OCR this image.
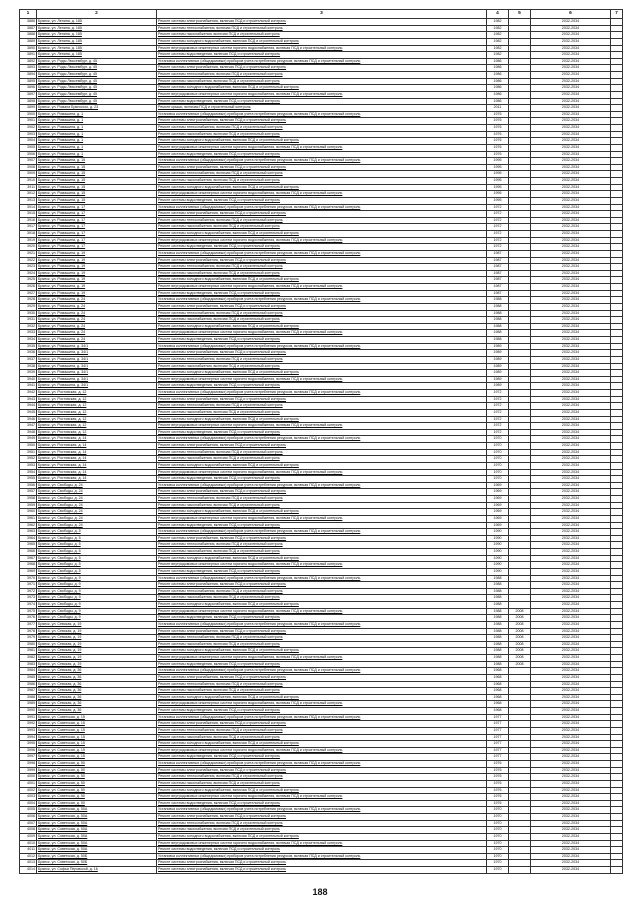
1	2	3	4	5	6	7
3886	Брянск, ул. Ленина, д. 185	Ремонт системы электроснабжения, включая ПСД и строительный контроль	1982		2032-2034	
3887	Брянск, ул. Ленина, д. 185	Ремонт системы теплоснабжения, включая ПСД и строительный контроль	1982		2032-2034	
3888	Брянск, ул. Ленина, д. 185	Ремонт системы газоснабжения, включая ПСД и строительный контроль	1982		2032-2034	
3889	Брянск, ул. Ленина, д. 185	Ремонт системы холодного водоснабжения, включая ПСД и строительный контроль	1982		2032-2034	
3890	Брянск, ул. Ленина, д. 185	Ремонт внутридомовых инженерных систем горячего водоснабжения, включая ПСД и строительный контроль	1982		2032-2034	
3891	Брянск, ул. Ленина, д. 185	Ремонт системы водоотведения, включая ПСД и строительный контроль	1982		2032-2034	
3892	Брянск, ул. Pоды Люксембург, д. 45	Установка коллективных (общедомовых) приборов учета потребления ресурсов, включая ПСД и строительный контроль	1986		2032-2034	
3893	Брянск, ул. Pоды Люксембург, д. 45	Ремонт системы электроснабжения, включая ПСД и строительный контроль	1986		2032-2034	
3894	Брянск, ул. Pоды Люксембург, д. 45	Ремонт системы теплоснабжения, включая ПСД и строительный контроль	1986		2032-2034	
3895	Брянск, ул. Pоды Люксембург, д. 45	Ремонт системы газоснабжения, включая ПСД и строительный контроль	1986		2032-2034	
3896	Брянск, ул. Pоды Люксембург, д. 45	Ремонт системы холодного водоснабжения, включая ПСД и строительный контроль	1986		2032-2034	
3897	Брянск, ул. Pоды Люксембург, д. 45	Ремонт внутридомовых инженерных систем горячего водоснабжения, включая ПСД и строительный контроль	1986		2032-2034	
3898	Брянск, ул. Pоды Люксембург, д. 45	Ремонт системы водоотведения, включая ПСД и строительный контроль	1986		2032-2034	
3899	Брянск, ул. Романа Брянского, д. 23	Ремонт крыши, включая ПСД и строительный контроль	2011		2032-2034	
3900	Брянск, ул. Ромашина, д. 1	Установка коллективных (общедомовых) приборов учета потребления ресурсов, включая ПСД и строительный контроль	1976		2032-2034	
3901	Брянск, ул. Ромашина, д. 1	Ремонт системы электроснабжения, включая ПСД и строительный контроль	1976		2032-2034	
3902	Брянск, ул. Ромашина, д. 1	Ремонт системы теплоснабжения, включая ПСД и строительный контроль	1976		2032-2034	
3903	Брянск, ул. Ромашина, д. 1	Ремонт системы газоснабжения, включая ПСД и строительный контроль	1976		2032-2034	
3904	Брянск, ул. Ромашина, д. 1	Ремонт системы холодного водоснабжения, включая ПСД и строительный контроль	1976		2032-2034	
3905	Брянск, ул. Ромашина, д. 1	Ремонт внутридомовых инженерных систем горячего водоснабжения, включая ПСД и строительный контроль	1976		2032-2034	
3906	Брянск, ул. Ромашина, д. 1	Ремонт системы водоотведения, включая ПСД и строительный контроль	1976		2032-2034	
3907	Брянск, ул. Ромашина, д. 15	Установка коллективных (общедомовых) приборов учета потребления ресурсов, включая ПСД и строительный контроль	1995		2032-2034	
3908	Брянск, ул. Ромашина, д. 15	Ремонт системы электроснабжения, включая ПСД и строительный контроль	1995		2032-2034	
3909	Брянск, ул. Ромашина, д. 15	Ремонт системы теплоснабжения, включая ПСД и строительный контроль	1995		2032-2034	
3910	Брянск, ул. Ромашина, д. 15	Ремонт системы газоснабжения, включая ПСД и строительный контроль	1995		2032-2034	
3911	Брянск, ул. Ромашина, д. 15	Ремонт системы холодного водоснабжения, включая ПСД и строительный контроль	1995		2032-2034	
3912	Брянск, ул. Ромашина, д. 15	Ремонт внутридомовых инженерных систем горячего водоснабжения, включая ПСД и строительный контроль	1995		2032-2034	
3913	Брянск, ул. Ромашина, д. 15	Ремонт системы водоотведения, включая ПСД и строительный контроль	1995		2032-2034	
3914	Брянск, ул. Ромашина, д. 17	Установка коллективных (общедомовых) приборов учета потребления ресурсов, включая ПСД и строительный контроль	1972		2032-2034	
3915	Брянск, ул. Ромашина, д. 17	Ремонт системы электроснабжения, включая ПСД и строительный контроль	1972		2032-2034	
3916	Брянск, ул. Ромашина, д. 17	Ремонт системы теплоснабжения, включая ПСД и строительный контроль	1972		2032-2034	
3917	Брянск, ул. Ромашина, д. 17	Ремонт системы газоснабжения, включая ПСД и строительный контроль	1972		2032-2034	
3918	Брянск, ул. Ромашина, д. 17	Ремонт системы холодного водоснабжения, включая ПСД и строительный контроль	1972		2032-2034	
3919	Брянск, ул. Ромашина, д. 17	Ремонт внутридомовых инженерных систем горячего водоснабжения, включая ПСД и строительный контроль	1972		2032-2034	
3920	Брянск, ул. Ромашина, д. 17	Ремонт системы водоотведения, включая ПСД и строительный контроль	1972		2032-2034	
3921	Брянск, ул. Ромашина, д. 19	Установка коллективных (общедомовых) приборов учета потребления ресурсов, включая ПСД и строительный контроль	1987		2032-2034	
3922	Брянск, ул. Ромашина, д. 19	Ремонт системы электроснабжения, включая ПСД и строительный контроль	1987		2032-2034	
3923	Брянск, ул. Ромашина, д. 19	Ремонт системы теплоснабжения, включая ПСД и строительный контроль	1987		2032-2034	
3924	Брянск, ул. Ромашина, д. 19	Ремонт системы газоснабжения, включая ПСД и строительный контроль	1987		2032-2034	
3925	Брянск, ул. Ромашина, д. 19	Ремонт системы холодного водоснабжения, включая ПСД и строительный контроль	1987		2032-2034	
3926	Брянск, ул. Ромашина, д. 19	Ремонт внутридомовых инженерных систем горячего водоснабжения, включая ПСД и строительный контроль	1987		2032-2034	
3927	Брянск, ул. Ромашина, д. 19	Ремонт системы водоотведения, включая ПСД и строительный контроль	1987		2032-2034	
3928	Брянск, ул. Ромашина, д. 24	Установка коллективных (общедомовых) приборов учета потребления ресурсов, включая ПСД и строительный контроль	1988		2032-2034	
3929	Брянск, ул. Ромашина, д. 24	Ремонт системы электроснабжения, включая ПСД и строительный контроль	1988		2032-2034	
3930	Брянск, ул. Ромашина, д. 24	Ремонт системы теплоснабжения, включая ПСД и строительный контроль	1988		2032-2034	
3931	Брянск, ул. Ромашина, д. 24	Ремонт системы газоснабжения, включая ПСД и строительный контроль	1988		2032-2034	
3932	Брянск, ул. Ромашина, д. 24	Ремонт системы холодного водоснабжения, включая ПСД и строительный контроль	1988		2032-2034	
3933	Брянск, ул. Ромашина, д. 24	Ремонт внутридомовых инженерных систем горячего водоснабжения, включая ПСД и строительный контроль	1988		2032-2034	
3934	Брянск, ул. Ромашина, д. 24	Ремонт системы водоотведения, включая ПСД и строительный контроль	1988		2032-2034	
3935	Брянск, ул. Ромашина, д. 34/1	Установка коллективных (общедомовых) приборов учета потребления ресурсов, включая ПСД и строительный контроль	1989		2032-2034	
3936	Брянск, ул. Ромашина, д. 34/1	Ремонт системы электроснабжения, включая ПСД и строительный контроль	1989		2032-2034	
3937	Брянск, ул. Ромашина, д. 34/1	Ремонт системы теплоснабжения, включая ПСД и строительный контроль	1989		2032-2034	
3938	Брянск, ул. Ромашина, д. 34/1	Ремонт системы газоснабжения, включая ПСД и строительный контроль	1989		2032-2034	
3939	Брянск, ул. Ромашина, д. 34/1	Ремонт системы холодного водоснабжения, включая ПСД и строительный контроль	1989		2032-2034	
3940	Брянск, ул. Ромашина, д. 34/1	Ремонт внутридомовых инженерных систем горячего водоснабжения, включая ПСД и строительный контроль	1989		2032-2034	
3941	Брянск, ул. Ромашина, д. 34/1	Ремонт системы водоотведения, включая ПСД и строительный контроль	1989		2032-2034	
3942	Брянск, ул. Ростовская, д. 12	Установка коллективных (общедомовых) приборов учета потребления ресурсов, включая ПСД и строительный контроль	1972		2032-2034	
3943	Брянск, ул. Ростовская, д. 12	Ремонт системы электроснабжения, включая ПСД и строительный контроль	1972		2032-2034	
3944	Брянск, ул. Ростовская, д. 12	Ремонт системы теплоснабжения, включая ПСД и строительный контроль	1972		2032-2034	
3945	Брянск, ул. Ростовская, д. 12	Ремонт системы газоснабжения, включая ПСД и строительный контроль	1972		2032-2034	
3946	Брянск, ул. Ростовская, д. 12	Ремонт системы холодного водоснабжения, включая ПСД и строительный контроль	1972		2032-2034	
3947	Брянск, ул. Ростовская, д. 12	Ремонт внутридомовых инженерных систем горячего водоснабжения, включая ПСД и строительный контроль	1972		2032-2034	
3948	Брянск, ул. Ростовская, д. 12	Ремонт системы водоотведения, включая ПСД и строительный контроль	1972		2032-2034	
3949	Брянск, ул. Ростовская, д. 14	Установка коллективных (общедомовых) приборов учета потребления ресурсов, включая ПСД и строительный контроль	1970		2032-2034	
3950	Брянск, ул. Ростовская, д. 14	Ремонт системы электроснабжения, включая ПСД и строительный контроль	1970		2032-2034	
3951	Брянск, ул. Ростовская, д. 14	Ремонт системы теплоснабжения, включая ПСД и строительный контроль	1970		2032-2034	
3952	Брянск, ул. Ростовская, д. 14	Ремонт системы газоснабжения, включая ПСД и строительный контроль	1970		2032-2034	
3953	Брянск, ул. Ростовская, д. 14	Ремонт системы холодного водоснабжения, включая ПСД и строительный контроль	1970		2032-2034	
3954	Брянск, ул. Ростовская, д. 14	Ремонт внутридомовых инженерных систем горячего водоснабжения, включая ПСД и строительный контроль	1970		2032-2034	
3955	Брянск, ул. Ростовская, д. 14	Ремонт системы водоотведения, включая ПСД и строительный контроль	1970		2032-2034	
3956	Брянск, ул. Свободы, д. 24	Установка коллективных (общедомовых) приборов учета потребления ресурсов, включая ПСД и строительный контроль	1969		2032-2034	
3957	Брянск, ул. Свободы, д. 24	Ремонт системы электроснабжения, включая ПСД и строительный контроль	1969		2032-2034	
3958	Брянск, ул. Свободы, д. 24	Ремонт системы теплоснабжения, включая ПСД и строительный контроль	1969		2032-2034	
3959	Брянск, ул. Свободы, д. 24	Ремонт системы газоснабжения, включая ПСД и строительный контроль	1969		2032-2034	
3960	Брянск, ул. Свободы, д. 24	Ремонт системы холодного водоснабжения, включая ПСД и строительный контроль	1969		2032-2034	
3961	Брянск, ул. Свободы, д. 24	Ремонт внутридомовых инженерных систем горячего водоснабжения, включая ПСД и строительный контроль	1969		2032-2034	
3962	Брянск, ул. Свободы, д. 24	Ремонт системы водоотведения, включая ПСД и строительный контроль	1969		2032-2034	
3963	Брянск, ул. Свободы, д. 5	Установка коллективных (общедомовых) приборов учета потребления ресурсов, включая ПСД и строительный контроль	1990		2032-2034	
3964	Брянск, ул. Свободы, д. 5	Ремонт системы электроснабжения, включая ПСД и строительный контроль	1990		2032-2034	
3965	Брянск, ул. Свободы, д. 5	Ремонт системы теплоснабжения, включая ПСД и строительный контроль	1990		2032-2034	
3966	Брянск, ул. Свободы, д. 5	Ремонт системы газоснабжения, включая ПСД и строительный контроль	1990		2032-2034	
3967	Брянск, ул. Свободы, д. 5	Ремонт системы холодного водоснабжения, включая ПСД и строительный контроль	1990		2032-2034	
3968	Брянск, ул. Свободы, д. 5	Ремонт внутридомовых инженерных систем горячего водоснабжения, включая ПСД и строительный контроль	1990		2032-2034	
3969	Брянск, ул. Свободы, д. 5	Ремонт системы водоотведения, включая ПСД и строительный контроль	1990		2032-2034	
3970	Брянск, ул. Свободы, д. 9	Установка коллективных (общедомовых) приборов учета потребления ресурсов, включая ПСД и строительный контроль	1988		2032-2034	
3971	Брянск, ул. Свободы, д. 9	Ремонт системы электроснабжения, включая ПСД и строительный контроль	1988		2032-2034	
3972	Брянск, ул. Свободы, д. 9	Ремонт системы теплоснабжения, включая ПСД и строительный контроль	1988		2032-2034	
3973	Брянск, ул. Свободы, д. 9	Ремонт системы газоснабжения, включая ПСД и строительный контроль	1988		2032-2034	
3974	Брянск, ул. Свободы, д. 9	Ремонт системы холодного водоснабжения, включая ПСД и строительный контроль	1988		2032-2034	
3975	Брянск, ул. Свободы, д. 9	Ремонт внутридомовых инженерных систем горячего водоснабжения, включая ПСД и строительный контроль	1988	2008	2032-2034	
3976	Брянск, ул. Свободы, д. 9	Ремонт системы водоотведения, включая ПСД и строительный контроль	1988	2008	2032-2034	
3977	Брянск, ул. Севская, д. 19	Установка коллективных (общедомовых) приборов учета потребления ресурсов, включая ПСД и строительный контроль	1988	2008	2032-2034	
3978	Брянск, ул. Севская, д. 19	Ремонт системы электроснабжения, включая ПСД и строительный контроль	1988	2008	2032-2034	
3979	Брянск, ул. Севская, д. 19	Ремонт системы теплоснабжения, включая ПСД и строительный контроль	1988	2008	2032-2034	
3980	Брянск, ул. Севская, д. 19	Ремонт системы газоснабжения, включая ПСД и строительный контроль	1988	2008	2032-2034	
3981	Брянск, ул. Севская, д. 19	Ремонт системы холодного водоснабжения, включая ПСД и строительный контроль	1988	2008	2032-2034	
3982	Брянск, ул. Севская, д. 19	Ремонт внутридомовых инженерных систем горячего водоснабжения, включая ПСД и строительный контроль	1988	2008	2032-2034	
3983	Брянск, ул. Севская, д. 19	Ремонт системы водоотведения, включая ПСД и строительный контроль	1988	2008	2032-2034	
3984	Брянск, ул. Севская, д. 36	Установка коллективных (общедомовых) приборов учета потребления ресурсов, включая ПСД и строительный контроль	1968		2032-2034	
3985	Брянск, ул. Севская, д. 36	Ремонт системы электроснабжения, включая ПСД и строительный контроль	1968		2032-2034	
3986	Брянск, ул. Севская, д. 36	Ремонт системы теплоснабжения, включая ПСД и строительный контроль	1968		2032-2034	
3987	Брянск, ул. Севская, д. 36	Ремонт системы газоснабжения, включая ПСД и строительный контроль	1968		2032-2034	
3988	Брянск, ул. Севская, д. 36	Ремонт системы холодного водоснабжения, включая ПСД и строительный контроль	1968		2032-2034	
3989	Брянск, ул. Севская, д. 36	Ремонт внутридомовых инженерных систем горячего водоснабжения, включая ПСД и строительный контроль	1968		2032-2034	
3990	Брянск, ул. Севская, д. 36	Ремонт системы водоотведения, включая ПСД и строительный контроль	1968		2032-2034	
3991	Брянск, ул. Советская, д. 15	Установка коллективных (общедомовых) приборов учета потребления ресурсов, включая ПСД и строительный контроль	1977		2032-2034	
3992	Брянск, ул. Советская, д. 15	Ремонт системы электроснабжения, включая ПСД и строительный контроль	1977		2032-2034	
3993	Брянск, ул. Советская, д. 15	Ремонт системы теплоснабжения, включая ПСД и строительный контроль	1977		2032-2034	
3994	Брянск, ул. Советская, д. 15	Ремонт системы газоснабжения, включая ПСД и строительный контроль	1977		2032-2034	
3995	Брянск, ул. Советская, д. 15	Ремонт системы холодного водоснабжения, включая ПСД и строительный контроль	1977		2032-2034	
3996	Брянск, ул. Советская, д. 15	Ремонт внутридомовых инженерных систем горячего водоснабжения, включая ПСД и строительный контроль	1977		2032-2034	
3997	Брянск, ул. Советская, д. 15	Ремонт системы водоотведения, включая ПСД и строительный контроль	1977		2032-2034	
3998	Брянск, ул. Советская, д. 50	Установка коллективных (общедомовых) приборов учета потребления ресурсов, включая ПСД и строительный контроль	1976		2032-2034	
3999	Брянск, ул. Советская, д. 50	Ремонт системы электроснабжения, включая ПСД и строительный контроль	1976		2032-2034	
4000	Брянск, ул. Советская, д. 50	Ремонт системы теплоснабжения, включая ПСД и строительный контроль	1976		2032-2034	
4001	Брянск, ул. Советская, д. 50	Ремонт системы газоснабжения, включая ПСД и строительный контроль	1976		2032-2034	
4002	Брянск, ул. Советская, д. 50	Ремонт системы холодного водоснабжения, включая ПСД и строительный контроль	1976		2032-2034	
4003	Брянск, ул. Советская, д. 50	Ремонт внутридомовых инженерных систем горячего водоснабжения, включая ПСД и строительный контроль	1976		2032-2034	
4004	Брянск, ул. Советская, д. 50	Ремонт системы водоотведения, включая ПСД и строительный контроль	1976		2032-2034	
4005	Брянск, ул. Советская, д. 50А	Установка коллективных (общедомовых) приборов учета потребления ресурсов, включая ПСД и строительный контроль	1970		2032-2034	
4006	Брянск, ул. Советская, д. 50А	Ремонт системы электроснабжения, включая ПСД и строительный контроль	1970		2032-2034	
4007	Брянск, ул. Советская, д. 50А	Ремонт системы теплоснабжения, включая ПСД и строительный контроль	1970		2032-2034	
4008	Брянск, ул. Советская, д. 50А	Ремонт системы газоснабжения, включая ПСД и строительный контроль	1970		2032-2034	
4009	Брянск, ул. Советская, д. 50А	Ремонт системы холодного водоснабжения, включая ПСД и строительный контроль	1970		2032-2034	
4010	Брянск, ул. Советская, д. 50А	Ремонт внутридомовых инженерных систем горячего водоснабжения, включая ПСД и строительный контроль	1970		2032-2034	
4011	Брянск, ул. Советская, д. 50А	Ремонт системы водоотведения, включая ПСД и строительный контроль	1970		2032-2034	
4012	Брянск, ул. Советская, д. 50Б	Установка коллективных (общедомовых) приборов учета потребления ресурсов, включая ПСД и строительный контроль	1970		2032-2034	
4013	Брянск, ул. Советская, д. 50Б	Ремонт системы электроснабжения, включая ПСД и строительный контроль	1970		2032-2034	
4014	Брянск, ул. Софьи Перовской, д. 16	Ремонт системы электроснабжения, включая ПСД и строительный контроль	1970		2032-2034	
188
